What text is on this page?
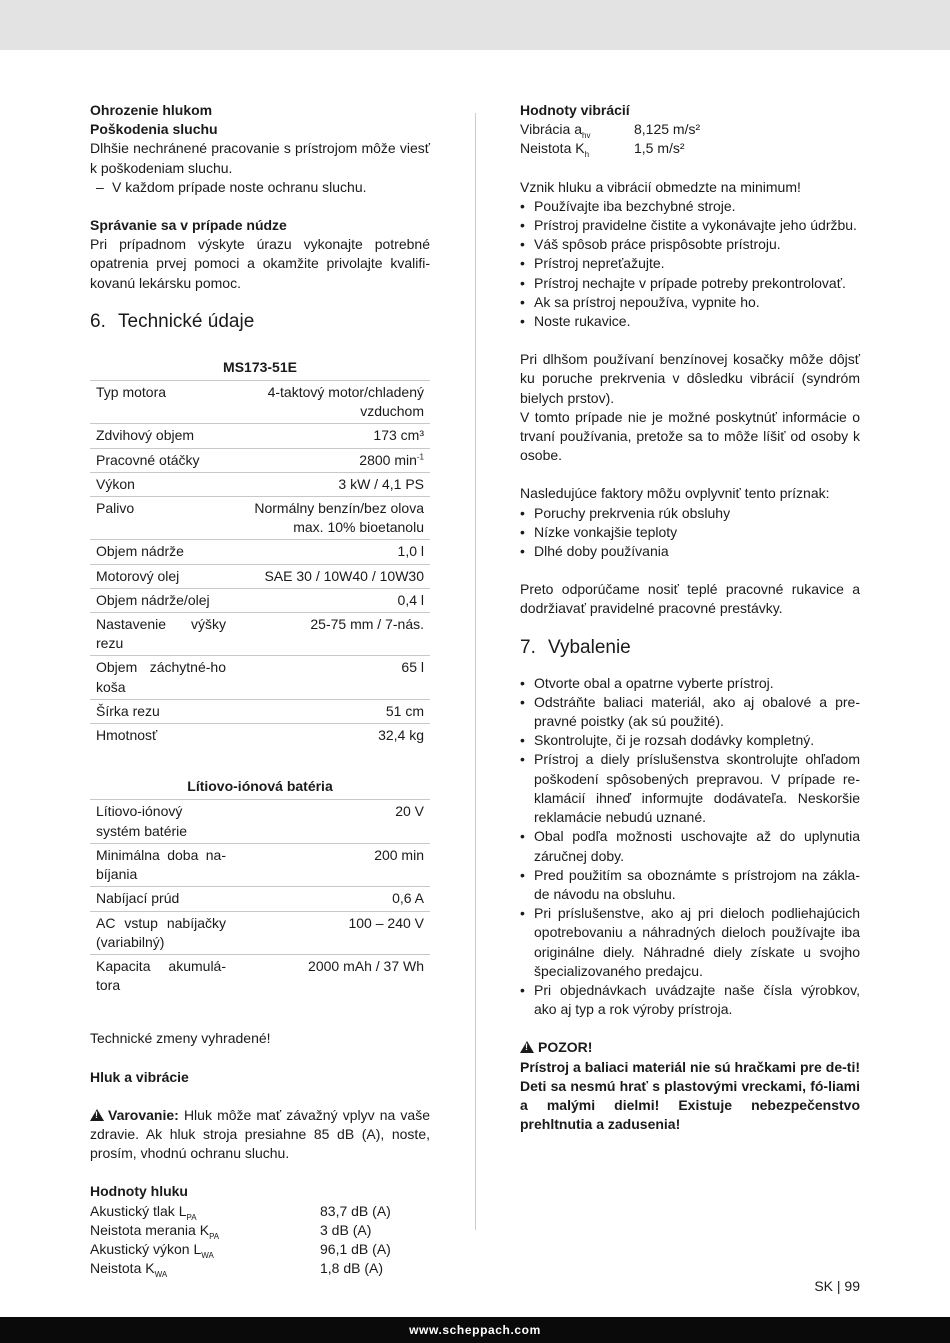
Ohrozenie hlukom

Poškodenia sluchu

Dlhšie nechránené pracovanie s prístrojom môže viesť k poškodeniam sluchu.

– V každom prípade noste ochranu sluchu.

Správanie sa v prípade núdze

Pri prípadnom výskyte úrazu vykonajte potrebné opatrenia prvej pomoci a okamžite privolajte kvalifi-kovanú lekársku pomoc.

6. Technické údaje
MS173-51E	
Typ motora	4-taktový motor/chladený vzduchom
Zdvihový objem	173 cm³
Pracovné otáčky	2800 $\min^{-1}$
Výkon	3 kW / 4,1 PS
Palivo	Normálny benzín/bez olova max. 10% bioetanolu
Objem nádrže	1,0 l
Motorový olej	SAE 30 / 10W40 / 10W30
Objem nádrže/olej	0,4 l
Nastavenie výšky rezu	25-75 mm / 7-nás.
Objem záchytné-ho koša	65 l
Šírka rezu	51 cm
Hmotnosť	32,4 kg
Lítiovo-iónová batéria	
Lítiovo-iónový systém batérie	20 V
Minimálna doba na-bíjania	200 min
Nabíjací prúd	0,6 A
AC vstup nabíjačky (variabilný)	100 – 240 V
Kapacita akumulá-tora	2000 mAh / 37 Wh

Technické zmeny vyhradené!

Hluk a vibrácie

!Varovanie: Hluk môže mať závažný vplyv na vaše zdravie. Ak hluk stroja presiahne 85 dB (A), noste, prosím, vhodnú ochranu sluchu.

Hodnoty hluku

Akustický tlak $L_{PA}$	83,7 dB (A)
Neistota merania $K_{PA}$	3 dB (A)
Akustický výkon $L_{WA}$	96,1 dB (A)
Neistota $K_{WA}$	1,8 dB (A)

Hodnoty vibrácií

Vibrácia $a_{hv}$	8,125 m/s²
Neistota $K_h$	1,5 m/s²

Vznik hluku a vibrácií obmedzte na minimum!

• Používajte iba bezchybné stroje.
• Prístroj pravidelne čistite a vykonávajte jeho údržbu.
• Váš spôsob práce prispôsobte prístroju.
• Prístroj nepreťažujte.
• Prístroj nechajte v prípade potreby prekontrolovať.
• Ak sa prístroj nepoužíva, vypnite ho.
• Noste rukavice.

Pri dlhšom používaní benzínovej kosačky môže dôjsť ku poruche prekrvenia v dôsledku vibrácií (syndróm bielych prstov).

V tomto prípade nie je možné poskytnúť informácie o trvaní používania, pretože sa to môže líšiť od osoby k osobe.

Nasledujúce faktory môžu ovplyvniť tento príznak:

• Poruchy prekrvenia rúk obsluhy
• Nízke vonkajšie teploty
• Dlhé doby používania

Preto odporúčame nosiť teplé pracovné rukavice a dodržiavať pravidelné pracovné prestávky.

7. Vybalenie
• Otvorte obal a opatrne vyberte prístroj.
• Odstráňte baliaci materiál, ako aj obalové a pre-pravné poistky (ak sú použité).
• Skontrolujte, či je rozsah dodávky kompletný.
• Prístroj a diely príslušenstva skontrolujte ohľadom poškodení spôsobených prepravou. V prípade re-klamácií ihneď informujte dodávateľa. Neskoršie reklamácie nebudú uznané.
• Obal podľa možnosti uschovajte až do uplynutia záručnej doby.
• Pred použitím sa oboznámte s prístrojom na zákla-de návodu na obsluhu.
• Pri príslušenstve, ako aj pri dieloch podliehajúcich opotrebovaniu a náhradných dieloch používajte iba originálne diely. Náhradné diely získate u svojho špecializovaného predajcu.
• Pri objednávkach uvádzajte naše čísla výrobkov, ako aj typ a rok výroby prístroja.

!POZOR!

Prístroj a baliaci materiál nie sú hračkami pre de-ti! Deti sa nesmú hrať s plastovými vreckami, fó-liami a malými dielmi! Existuje nebezpečenstvo prehltnutia a zadusenia!

SK | 99
www.scheppach.com
